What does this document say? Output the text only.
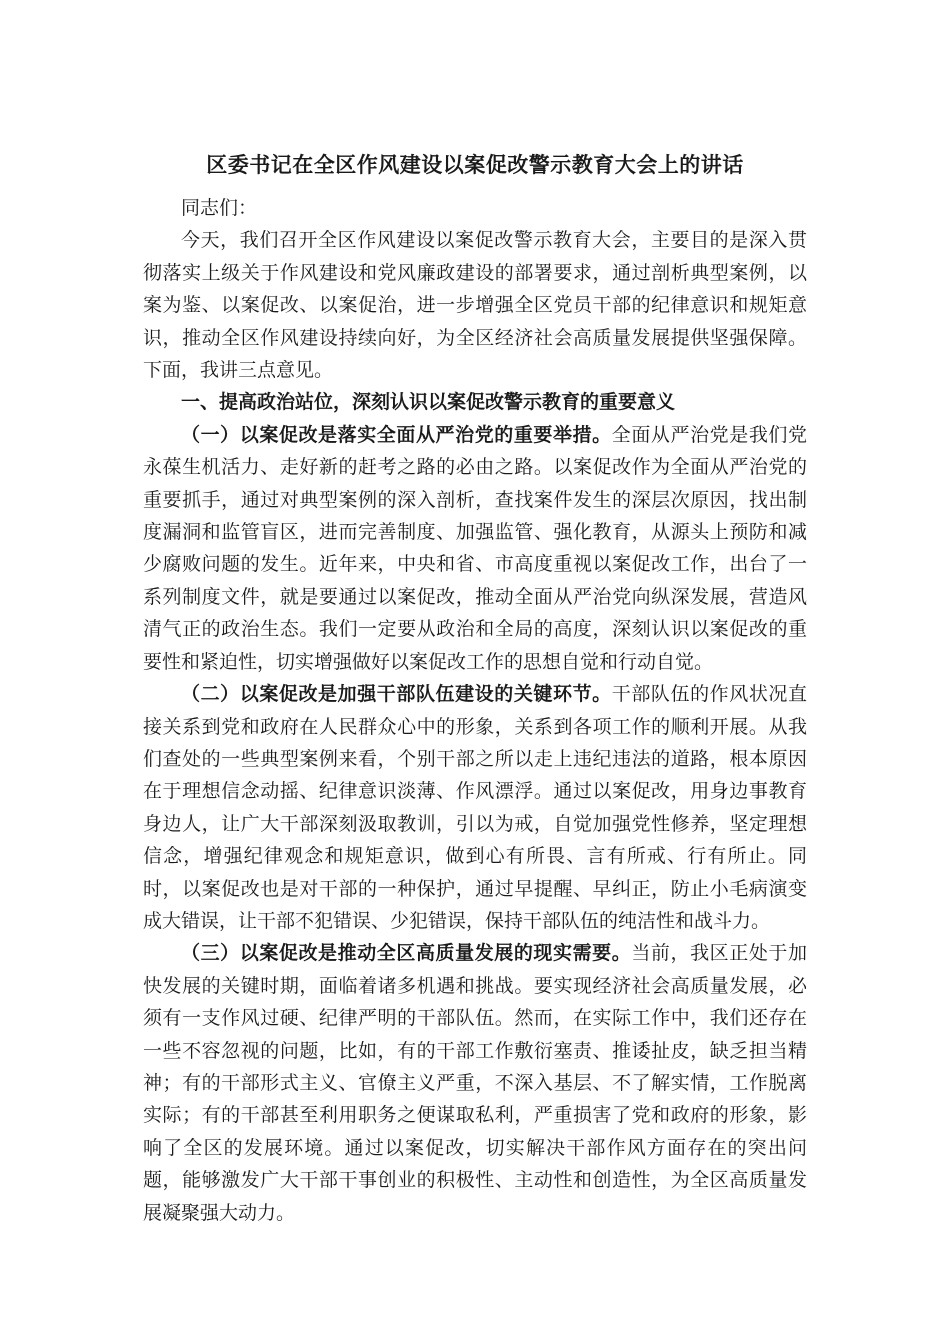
区委书记在全区作风建设以案促改警示教育大会上的讲话

同志们：

今天，我们召开全区作风建设以案促改警示教育大会，主要目的是深入贯彻落实上级关于作风建设和党风廉政建设的部署要求，通过剖析典型案例，以案为鉴、以案促改、以案促治，进一步增强全区党员干部的纪律意识和规矩意识，推动全区作风建设持续向好，为全区经济社会高质量发展提供坚强保障。下面，我讲三点意见。

一、提高政治站位，深刻认识以案促改警示教育的重要意义

（一）以案促改是落实全面从严治党的重要举措。全面从严治党是我们党永葆生机活力、走好新的赶考之路的必由之路。以案促改作为全面从严治党的重要抓手，通过对典型案例的深入剖析，查找案件发生的深层次原因，找出制度漏洞和监管盲区，进而完善制度、加强监管、强化教育，从源头上预防和减少腐败问题的发生。近年来，中央和省、市高度重视以案促改工作，出台了一系列制度文件，就是要通过以案促改，推动全面从严治党向纵深发展，营造风清气正的政治生态。我们一定要从政治和全局的高度，深刻认识以案促改的重要性和紧迫性，切实增强做好以案促改工作的思想自觉和行动自觉。

（二）以案促改是加强干部队伍建设的关键环节。干部队伍的作风状况直接关系到党和政府在人民群众心中的形象，关系到各项工作的顺利开展。从我们查处的一些典型案例来看，个别干部之所以走上违纪违法的道路，根本原因在于理想信念动摇、纪律意识淡薄、作风漂浮。通过以案促改，用身边事教育身边人，让广大干部深刻汲取教训，引以为戒，自觉加强党性修养，坚定理想信念，增强纪律观念和规矩意识，做到心有所畏、言有所戒、行有所止。同时，以案促改也是对干部的一种保护，通过早提醒、早纠正，防止小毛病演变成大错误，让干部不犯错误、少犯错误，保持干部队伍的纯洁性和战斗力。

（三）以案促改是推动全区高质量发展的现实需要。当前，我区正处于加快发展的关键时期，面临着诸多机遇和挑战。要实现经济社会高质量发展，必须有一支作风过硬、纪律严明的干部队伍。然而，在实际工作中，我们还存在一些不容忽视的问题，比如，有的干部工作敷衍塞责、推诿扯皮，缺乏担当精神；有的干部形式主义、官僚主义严重，不深入基层、不了解实情，工作脱离实际；有的干部甚至利用职务之便谋取私利，严重损害了党和政府的形象，影响了全区的发展环境。通过以案促改，切实解决干部作风方面存在的突出问题，能够激发广大干部干事创业的积极性、主动性和创造性，为全区高质量发展凝聚强大动力。
